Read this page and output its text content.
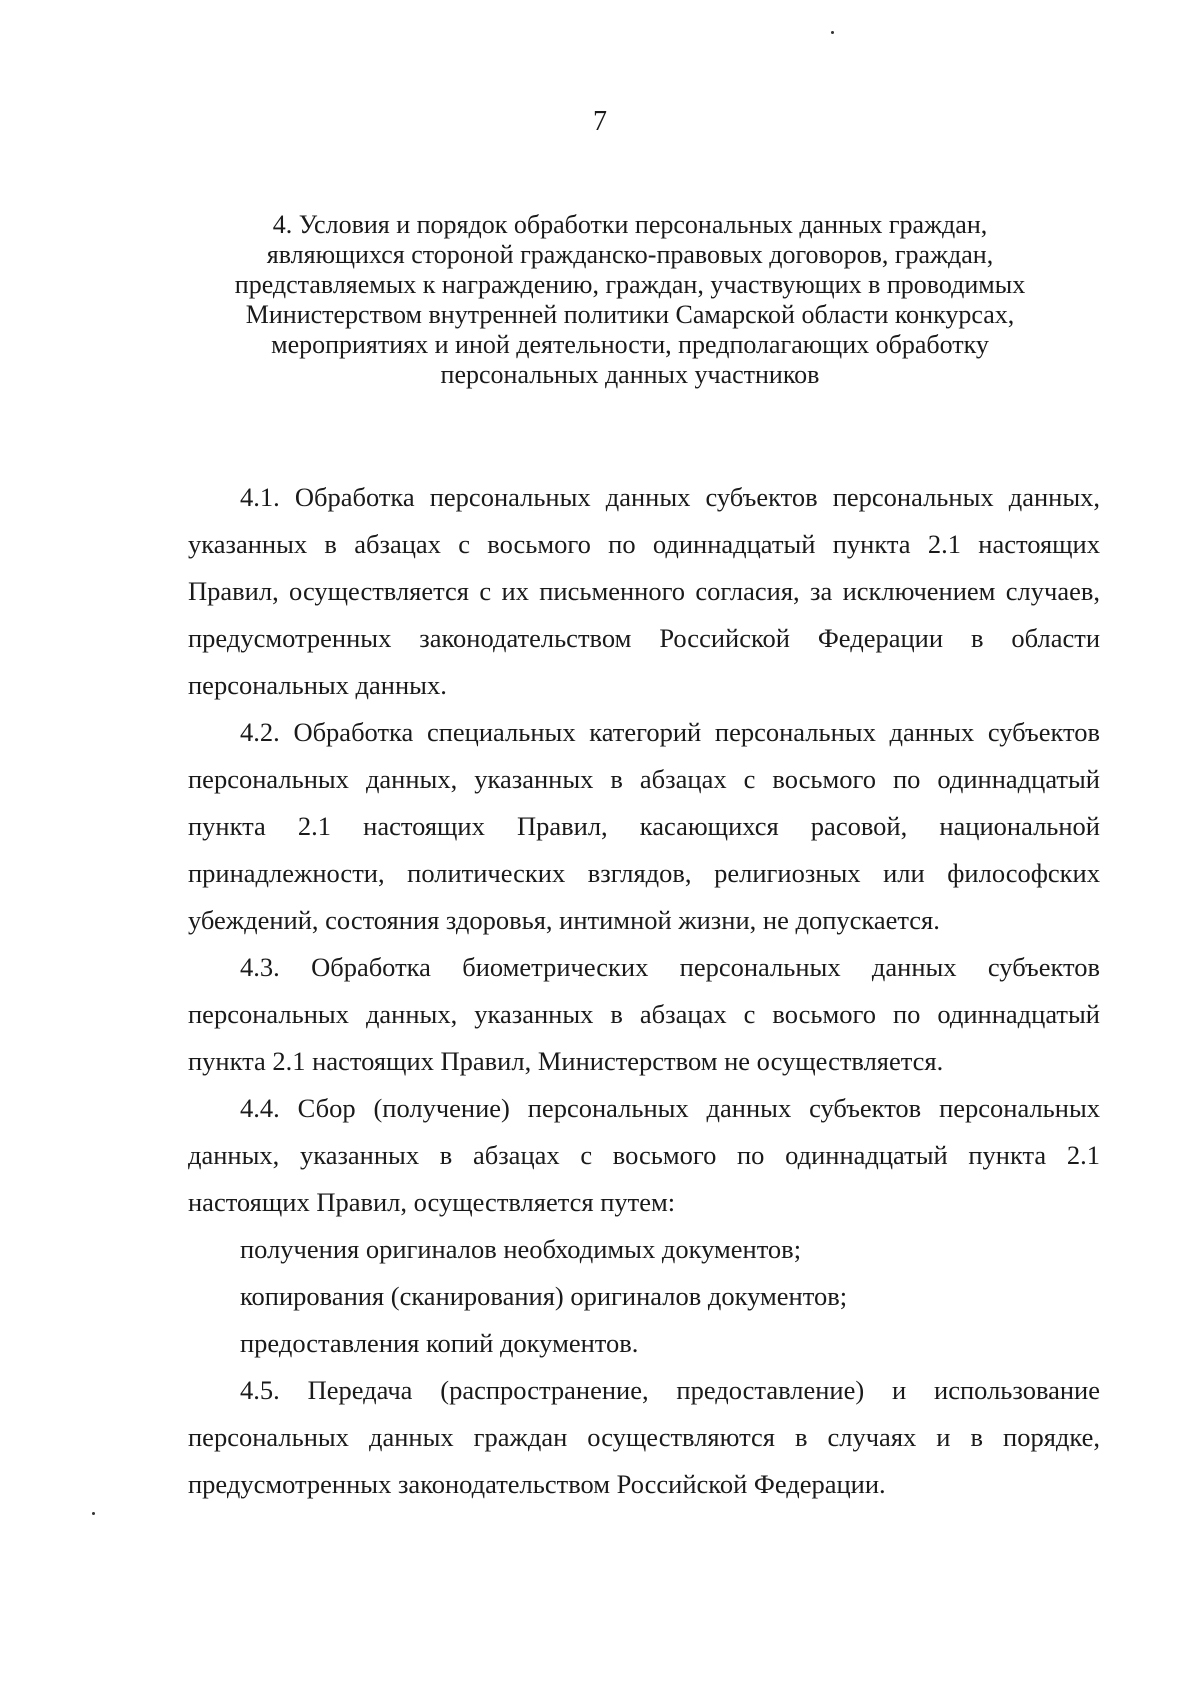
7
4. Условия и порядок обработки персональных данных граждан,
являющихся стороной гражданско-правовых договоров, граждан,
представляемых к награждению, граждан, участвующих в проводимых
Министерством внутренней политики Самарской области конкурсах,
мероприятиях и иной деятельности, предполагающих обработку
персональных данных участников

4.1. Обработка персональных данных субъектов персональных данных, указанных в абзацах с восьмого по одиннадцатый пункта 2.1 настоящих Правил, осуществляется с их письменного согласия, за исключением случаев, предусмотренных законодательством Российской Федерации в области персональных данных.

4.2. Обработка специальных категорий персональных данных субъектов персональных данных, указанных в абзацах с восьмого по одиннадцатый пункта 2.1 настоящих Правил, касающихся расовой, национальной принадлежности, политических взглядов, религиозных или философских убеждений, состояния здоровья, интимной жизни, не допускается.

4.3. Обработка биометрических персональных данных субъектов персональных данных, указанных в абзацах с восьмого по одиннадцатый пункта 2.1 настоящих Правил, Министерством не осуществляется.

4.4. Сбор (получение) персональных данных субъектов персональных данных, указанных в абзацах с восьмого по одиннадцатый пункта 2.1 настоящих Правил, осуществляется путем:

получения оригиналов необходимых документов;

копирования (сканирования) оригиналов документов;

предоставления копий документов.

4.5. Передача (распространение, предоставление) и использование персональных данных граждан осуществляются в случаях и в порядке, предусмотренных законодательством Российской Федерации.
